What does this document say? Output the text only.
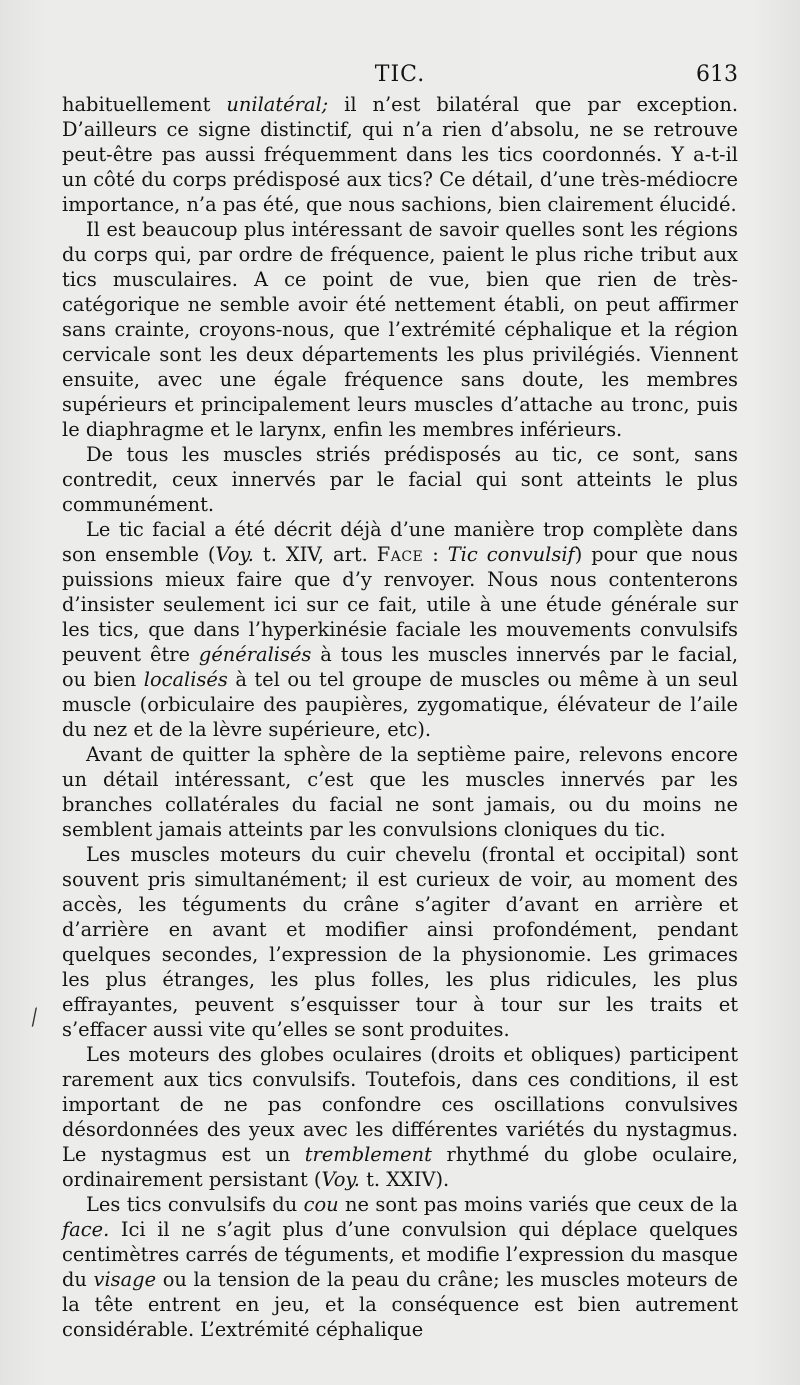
TIC.	613

habituellement unilatéral; il n’est bilatéral que par exception. D’ailleurs ce signe distinctif, qui n’a rien d’absolu, ne se retrouve peut-être pas aussi fréquemment dans les tics coordonnés. Y a-t-il un côté du corps prédisposé aux tics? Ce détail, d’une très-médiocre importance, n’a pas été, que nous sachions, bien clairement élucidé.

Il est beaucoup plus intéressant de savoir quelles sont les régions du corps qui, par ordre de fréquence, paient le plus riche tribut aux tics musculaires. A ce point de vue, bien que rien de très-catégorique ne semble avoir été nettement établi, on peut affirmer sans crainte, croyons-nous, que l’extrémité céphalique et la région cervicale sont les deux départements les plus privilégiés. Viennent ensuite, avec une égale fréquence sans doute, les membres supérieurs et principalement leurs muscles d’attache au tronc, puis le diaphragme et le larynx, enfin les membres inférieurs.

De tous les muscles striés prédisposés au tic, ce sont, sans contredit, ceux innervés par le facial qui sont atteints le plus communément.

Le tic facial a été décrit déjà d’une manière trop complète dans son ensemble (Voy. t. XIV, art. Face : Tic convulsif) pour que nous puissions mieux faire que d’y renvoyer. Nous nous contenterons d’insister seulement ici sur ce fait, utile à une étude générale sur les tics, que dans l’hyperkinésie faciale les mouvements convulsifs peuvent être généralisés à tous les muscles innervés par le facial, ou bien localisés à tel ou tel groupe de muscles ou même à un seul muscle (orbiculaire des paupières, zygomatique, élévateur de l’aile du nez et de la lèvre supérieure, etc).

Avant de quitter la sphère de la septième paire, relevons encore un détail intéressant, c’est que les muscles innervés par les branches collatérales du facial ne sont jamais, ou du moins ne semblent jamais atteints par les convulsions cloniques du tic.

Les muscles moteurs du cuir chevelu (frontal et occipital) sont souvent pris simultanément; il est curieux de voir, au moment des accès, les téguments du crâne s’agiter d’avant en arrière et d’arrière en avant et modifier ainsi profondément, pendant quelques secondes, l’expression de la physionomie. Les grimaces les plus étranges, les plus folles, les plus ridicules, les plus effrayantes, peuvent s’esquisser tour à tour sur les traits et s’effacer aussi vite qu’elles se sont produites.

Les moteurs des globes oculaires (droits et obliques) participent rarement aux tics convulsifs. Toutefois, dans ces conditions, il est important de ne pas confondre ces oscillations convulsives désordonnées des yeux avec les différentes variétés du nystagmus. Le nystagmus est un tremblement rhythmé du globe oculaire, ordinairement persistant (Voy. t. XXIV).

Les tics convulsifs du cou ne sont pas moins variés que ceux de la face. Ici il ne s’agit plus d’une convulsion qui déplace quelques centimètres carrés de téguments, et modifie l’expression du masque du visage ou la tension de la peau du crâne; les muscles moteurs de la tête entrent en jeu, et la conséquence est bien autrement considérable. L’extrémité céphalique

⁄
